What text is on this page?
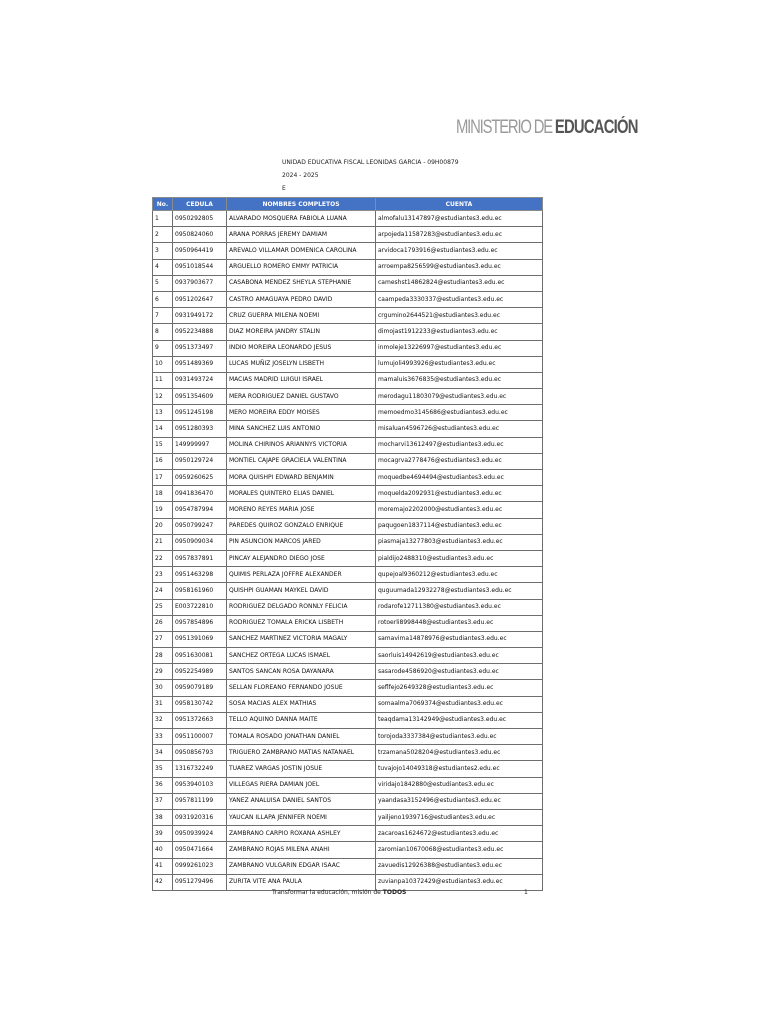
MINISTERIO DE EDUCACIÓN
UNIDAD EDUCATIVA FISCAL LEONIDAS GARCIA - 09H00879
2024 - 2025
E
No.	CEDULA	NOMBRES COMPLETOS	CUENTA
1	0950292805	ALVARADO MOSQUERA FABIOLA LUANA	almofalu13147897@estudiantes3.edu.ec
2	0950824060	ARANA PORRAS JEREMY DAMIAM	arpojeda11587283@estudiantes3.edu.ec
3	0950964419	AREVALO VILLAMAR DOMENICA CAROLINA	arvidoca1793916@estudiantes3.edu.ec
4	0951018544	ARGUELLO ROMERO EMMY PATRICIA	arroempa8256599@estudiantes3.edu.ec
5	0937903677	CASABONA MENDEZ SHEYLA STEPHANIE	cameshst14862824@estudiantes3.edu.ec
6	0951202647	CASTRO AMAGUAYA PEDRO DAVID	caampeda3330337@estudiantes3.edu.ec
7	0931949172	CRUZ GUERRA MILENA NOEMI	crgumino2644521@estudiantes3.edu.ec
8	0952234888	DIAZ MOREIRA JANDRY STALIN	dimojast1912233@estudiantes3.edu.ec
9	0951373497	INDIO MOREIRA LEONARDO JESUS	inmoleje13226997@estudiantes3.edu.ec
10	0951489369	LUCAS MUÑIZ JOSELYN LISBETH	lumujoli4993926@estudiantes3.edu.ec
11	0931493724	MACIAS MADRID LUIGUI ISRAEL	mamaluis3676835@estudiantes3.edu.ec
12	0951354609	MERA RODRIGUEZ DANIEL GUSTAVO	merodagu11803079@estudiantes3.edu.ec
13	0951245198	MERO MOREIRA EDDY MOISES	memoedmo3145686@estudiantes3.edu.ec
14	0951280393	MINA SANCHEZ LUIS ANTONIO	misaluan4596726@estudiantes3.edu.ec
15	149999997	MOLINA CHIRINOS ARIANNYS VICTORIA	mocharvi13612497@estudiantes3.edu.ec
16	0950129724	MONTIEL CAJAPE GRACIELA VALENTINA	mocagrva2778476@estudiantes3.edu.ec
17	0959260625	MORA QUISHPI EDWARD BENJAMIN	moquedbe4694494@estudiantes3.edu.ec
18	0941836470	MORALES QUINTERO ELIAS DANIEL	moquelda2092931@estudiantes3.edu.ec
19	0954787994	MORENO REYES MARIA JOSE	moremajo2202000@estudiantes3.edu.ec
20	0950799247	PAREDES QUIROZ GONZALO ENRIQUE	paqugoen1837114@estudiantes3.edu.ec
21	0950909034	PIN ASUNCION MARCOS JARED	piasmaja13277803@estudiantes3.edu.ec
22	0957837891	PINCAY ALEJANDRO DIEGO JOSE	pialdijo2488310@estudiantes3.edu.ec
23	0951463298	QUIMIS PERLAZA JOFFRE ALEXANDER	qupejoal9360212@estudiantes3.edu.ec
24	0958161960	QUISHPI GUAMAN MAYKEL DAVID	quguumada12932278@estudiantes3.edu.ec
25	E003722810	RODRIGUEZ DELGADO RONNLY FELICIA	rodarofe12711380@estudiantes3.edu.ec
26	0957854896	RODRIGUEZ TOMALA ERICKA LISBETH	rotoerli8998448@estudiantes3.edu.ec
27	0951391069	SANCHEZ MARTINEZ VICTORIA MAGALY	samavima14878976@estudiantes3.edu.ec
28	0951630081	SANCHEZ ORTEGA LUCAS ISMAEL	saorluis14942619@estudiantes3.edu.ec
29	0952254989	SANTOS SANCAN ROSA DAYANARA	sasarode4586920@estudiantes3.edu.ec
30	0959079189	SELLAN FLOREANO FERNANDO JOSUE	seflfejo2649328@estudiantes3.edu.ec
31	0958130742	SOSA MACIAS ALEX MATHIAS	somaalma7069374@estudiantes3.edu.ec
32	0951372663	TELLO AQUINO DANNA MAITE	teaqdama13142949@estudiantes3.edu.ec
33	0951100007	TOMALA ROSADO JONATHAN DANIEL	torojoda3337384@estudiantes3.edu.ec
34	0950856793	TRIGUERO ZAMBRANO MATIAS NATANAEL	trzamana5028204@estudiantes3.edu.ec
35	1316732249	TUAREZ VARGAS JOSTIN JOSUE	tuvajojo14049318@estudiantes2.edu.ec
36	0953940103	VILLEGAS RIERA DAMIAN JOEL	viridajo1842880@estudiantes3.edu.ec
37	0957811199	YANEZ ANALUISA DANIEL SANTOS	yaandasa3152496@estudiantes3.edu.ec
38	0931920316	YAUCAN ILLAPA JENNIFER NOEMI	yailjeno1939716@estudiantes3.edu.ec
39	0950939924	ZAMBRANO CARPIO ROXANA ASHLEY	zacaroas1624672@estudiantes3.edu.ec
40	0950471664	ZAMBRANO ROJAS MILENA ANAHI	zaromian10670068@estudiantes3.edu.ec
41	0999261023	ZAMBRANO VULGARIN EDGAR ISAAC	zavuedis12926388@estudiantes3.edu.ec
42	0951279496	ZURITA VITE ANA PAULA	zuvianpa10372429@estudiantes3.edu.ec
Transformar la educación, misión de TODOS	1
